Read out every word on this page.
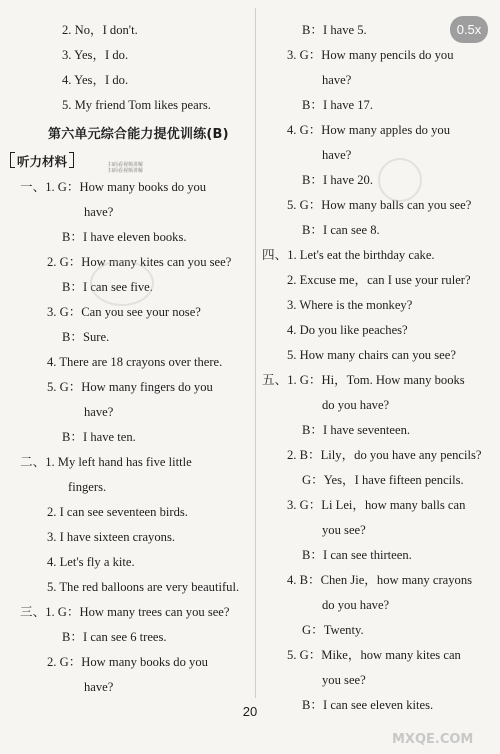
2. No，I don't.
3. Yes，I do.
4. Yes，I do.
5. My friend Tom likes pears.
一、1. G：How many books do you
have?
B：I have eleven books.
2. G：How many kites can you see?
B：I can see five.
3. G：Can you see your nose?
B：Sure.
4. There are 18 crayons over there.
5. G：How many fingers do you
have?
B：I have ten.
二、1. My left hand has five little
fingers.
2. I can see seventeen birds.
3. I have sixteen crayons.
4. Let's fly a kite.
5. The red balloons are very beautiful.
三、1. G：How many trees can you see?
B：I can see 6 trees.
2. G：How many books do you
have?
B：I have 5.
3. G：How many pencils do you
have?
B：I have 17.
4. G：How many apples do you
have?
B：I have 20.
5. G：How many balls can you see?
B：I can see 8.
四、1. Let's eat the birthday cake.
2. Excuse me，can I use your ruler?
3. Where is the monkey?
4. Do you like peaches?
5. How many chairs can you see?
五、1. G：Hi，Tom. How many books
do you have?
B：I have seventeen.
2. B：Lily，do you have any pencils?
G：Yes，I have fifteen pencils.
3. G：Li Lei，how many balls can
you see?
B：I can see thirteen.
4. B：Chen Jie，how many crayons
do you have?
G：Twenty.
5. G：Mike，how many kites can
you see?
B：I can see eleven kites.
第六单元综合能力提优训练(B)
听力材料	扫码看视频讲解
扫码看视频讲解
0.5x
20
MXQE.COM
